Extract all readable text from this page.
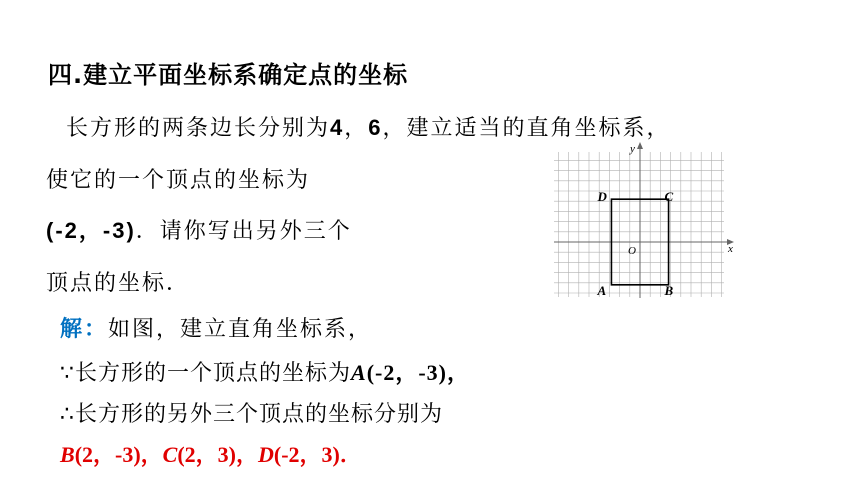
四.建立平面坐标系确定点的坐标
长方形的两条边长分别为4，6，建立适当的直角坐标系，
使它的一个顶点的坐标为
(-2，-3)．请你写出另外三个
顶点的坐标．
x
y
O
A	B
C
D
解：如图，建立直角坐标系，
∵长方形的一个顶点的坐标为A(-2，-3)，
∴长方形的另外三个顶点的坐标分别为
B(2，-3)，C(2，3)，D(-2，3)．
